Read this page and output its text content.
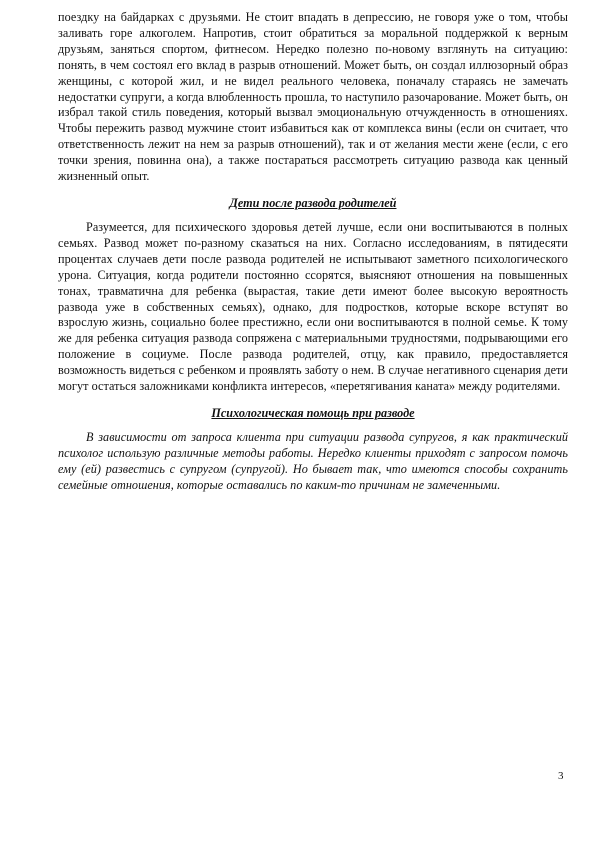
поездку на байдарках с друзьями. Не стоит впадать в депрессию, не говоря уже о том, чтобы заливать горе алкоголем. Напротив, стоит обратиться за моральной поддержкой к верным друзьям, заняться спортом, фитнесом. Нередко полезно по-новому взглянуть на ситуацию: понять, в чем состоял его вклад в разрыв отношений. Может быть, он создал иллюзорный образ женщины, с которой жил, и не видел реального человека, поначалу стараясь не замечать недостатки супруги, а когда влюбленность прошла, то наступило разочарование. Может быть, он избрал такой стиль поведения, который вызвал эмоциональную отчужденность в отношениях. Чтобы пережить развод мужчине стоит избавиться как от комплекса вины (если он считает, что ответственность лежит на нем за разрыв отношений), так и от желания мести жене (если, с его точки зрения, повинна она), а также постараться рассмотреть ситуацию развода как ценный жизненный опыт.

Дети после развода родителей

Разумеется, для психического здоровья детей лучше, если они воспитываются в полных семьях. Развод может по-разному сказаться на них. Согласно исследованиям, в пятидесяти процентах случаев дети после развода родителей не испытывают заметного психологического урона. Ситуация, когда родители постоянно ссорятся, выясняют отношения на повышенных тонах, травматична для ребенка (вырастая, такие дети имеют более высокую вероятность развода уже в собственных семьях), однако, для подростков, которые вскоре вступят во взрослую жизнь, социально более престижно, если они воспитываются в полной семье. К тому же для ребенка ситуация развода сопряжена с материальными трудностями, подрывающими его положение в социуме. После развода родителей, отцу, как правило, предоставляется возможность видеться с ребенком и проявлять заботу о нем. В случае негативного сценария дети могут остаться заложниками конфликта интересов, «перетягивания каната» между родителями.

Психологическая помощь при разводе

В зависимости от запроса клиента при ситуации развода супругов, я как практический психолог использую различные методы работы. Нередко клиенты приходят с запросом помочь ему (ей) развестись с супругом (супругой). Но бывает так, что имеются способы сохранить семейные отношения, которые оставались по каким-то причинам не замеченными.

3
